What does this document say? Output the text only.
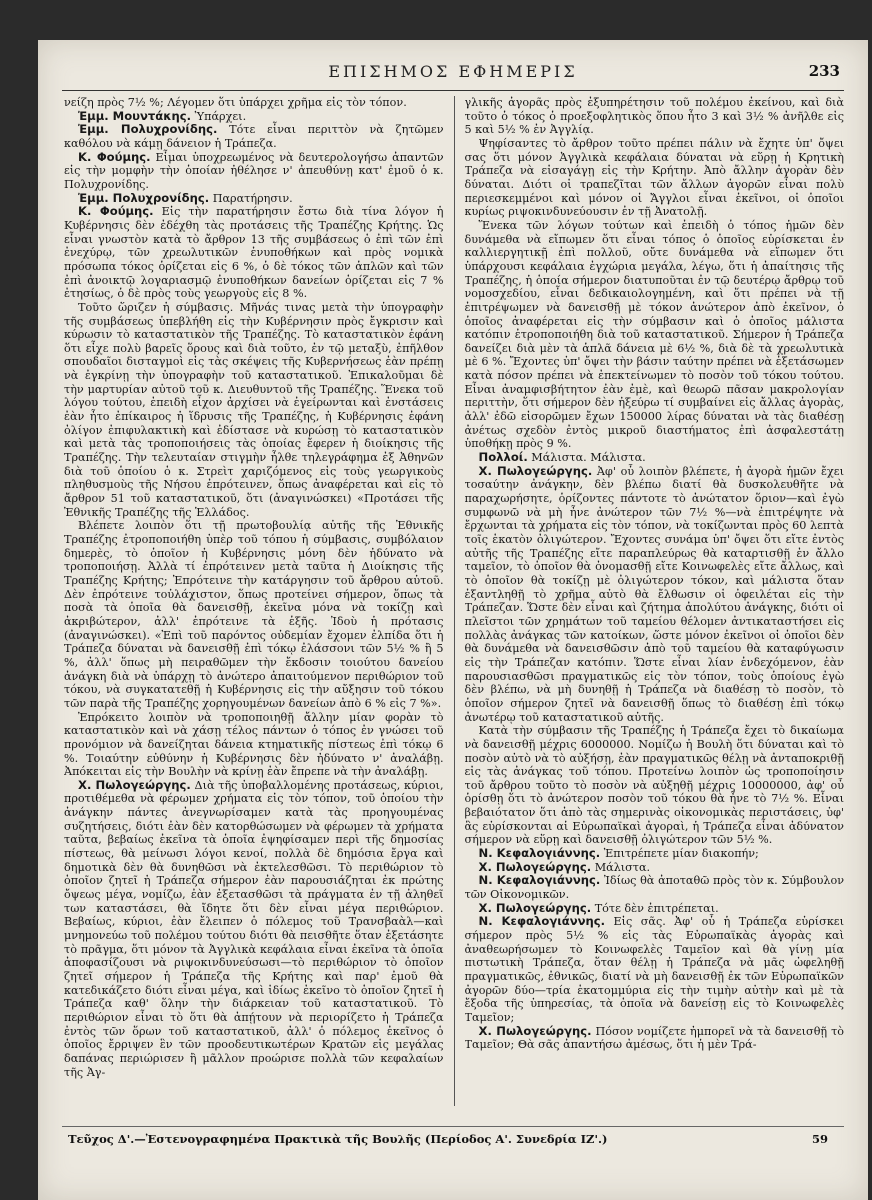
ΕΠΙΣΗΜΟΣ ΕΦΗΜΕΡΙΣ	233

νείζη πρὸς 7½ %; Λέγομεν ὅτι ὑπάρχει χρῆμα εἰς τὸν τόπον.

Ἐμμ. Μουντάκης. Ὑπάρχει.

Ἐμμ. Πολυχρονίδης. Τότε εἶναι περιττὸν νὰ ζητῶμεν καθόλου νὰ κάμῃ δάνειον ἡ Τράπεζα.

Κ. Φούμης. Εἶμαι ὑποχρεωμένος νὰ δευτερολογήσω ἀπαντῶν εἰς τὴν μομφὴν τὴν ὁποίαν ἠθέλησε ν' ἀπευθύνῃ κατ' ἐμοῦ ὁ κ. Πολυχρονίδης.

Ἐμμ. Πολυχρονίδης. Παρατήρησιν.

Κ. Φούμης. Εἰς τὴν παρατήρησιν ἔστω διὰ τίνα λόγον ἡ Κυβέρνησις δὲν ἐδέχθη τὰς προτάσεις τῆς Τραπέζης Κρήτης. Ὡς εἶναι γνωστὸν κατὰ τὸ ἄρθρον 13 τῆς συμβάσεως ὁ ἐπὶ τῶν ἐπὶ ἐνεχύρῳ, τῶν χρεωλυτικῶν ἐνυποθήκων καὶ πρὸς νομικὰ πρόσωπα τόκος ὁρίζεται εἰς 6 %, ὁ δὲ τόκος τῶν ἁπλῶν καὶ τῶν ἐπὶ ἀνοικτῷ λογαριασμῷ ἐνυποθήκων δανείων ὁρίζεται εἰς 7 % ἐτησίως, ὁ δὲ πρὸς τοὺς γεωργοὺς εἰς 8 %.

Τοῦτο ὥριζεν ἡ σύμβασις. Μῆνάς τινας μετὰ τὴν ὑπογραφὴν τῆς συμβάσεως ὑπεβλήθη εἰς τὴν Κυβέρνησιν πρὸς ἔγκρισιν καὶ κύρωσιν τὸ καταστατικὸν τῆς Τραπέζης. Τὸ καταστατικὸν ἐφάνη ὅτι εἶχε πολὺ βαρεῖς ὅρους καὶ διὰ τοῦτο, ἐν τῷ μεταξὺ, ἐπῆλθον σπουδαῖοι δισταγμοὶ εἰς τὰς σκέψεις τῆς Κυβερνήσεως ἐὰν πρέπῃ νὰ ἐγκρίνῃ τὴν ὑπογραφὴν τοῦ καταστατικοῦ. Ἐπικαλοῦμαι δὲ τὴν μαρτυρίαν αὐτοῦ τοῦ κ. Διευθυντοῦ τῆς Τραπέζης. Ἕνεκα τοῦ λόγου τούτου, ἐπειδὴ εἶχον ἀρχίσει νὰ ἐγείρωνται καὶ ἐνστάσεις ἐὰν ἦτο ἐπίκαιρος ἡ ἵδρυσις τῆς Τραπέζης, ἡ Κυβέρνησις ἐφάνη ὀλίγον ἐπιφυλακτικὴ καὶ ἐδίστασε νὰ κυρώσῃ τὸ καταστατικὸν καὶ μετὰ τὰς τροποποιήσεις τὰς ὁποίας ἔφερεν ἡ διοίκησις τῆς Τραπέζης. Τὴν τελευταίαν στιγμὴν ἦλθε τηλεγράφημα ἐξ Ἀθηνῶν διὰ τοῦ ὁποίου ὁ κ. Στρεὶτ χαριζόμενος εἰς τοὺς γεωργικοὺς πληθυσμοὺς τῆς Νήσου ἐπρότεινεν, ὅπως ἀναφέρεται καὶ εἰς τὸ ἄρθρον 51 τοῦ καταστατικοῦ, ὅτι (ἀναγινώσκει) «Προτάσει τῆς Ἐθνικῆς Τραπέζης τῆς Ἑλλάδος.

Βλέπετε λοιπὸν ὅτι τῇ πρωτοβουλίᾳ αὐτῆς τῆς Ἐθνικῆς Τραπέζης ἐτροποποιήθη ὑπὲρ τοῦ τόπου ἡ σύμβασις, συμβόλαιον δημερὲς, τὸ ὁποῖον ἡ Κυβέρνησις μόνη δὲν ἠδύνατο νὰ τροποποιήσῃ. Ἀλλὰ τί ἐπρότεινεν μετὰ ταῦτα ἡ Διοίκησις τῆς Τραπέζης Κρήτης; Ἐπρότεινε τὴν κατάργησιν τοῦ ἄρθρου αὐτοῦ. Δὲν ἐπρότεινε τοὐλάχιστον, ὅπως προτείνει σήμερον, ὅπως τὰ ποσὰ τὰ ὁποῖα θὰ δανεισθῇ, ἐκεῖνα μόνα νὰ τοκίζῃ καὶ ἀκριβώτερον, ἀλλ' ἐπρότεινε τὰ ἑξῆς. Ἰδοὺ ἡ πρότασις (ἀναγινώσκει). «Ἐπὶ τοῦ παρόντος οὐδεμίαν ἔχομεν ἐλπίδα ὅτι ἡ Τράπεζα δύναται νὰ δανεισθῇ ἐπὶ τόκῳ ἐλάσσονι τῶν 5½ % ἢ 5 %, ἀλλ' ὅπως μὴ πειραθῶμεν τὴν ἔκδοσιν τοιούτου δανείου ἀνάγκη διὰ νὰ ὑπάρχῃ τὸ ἀνώτερο ἀπαιτούμενον περιθώριον τοῦ τόκου, νὰ συγκατατεθῇ ἡ Κυβέρνησις εἰς τὴν αὔξησιν τοῦ τόκου τῶν παρὰ τῆς Τραπέζης χορηγουμένων δανείων ἀπὸ 6 % εἰς 7 %».

Ἐπρόκειτο λοιπὸν νὰ τροποποιηθῇ ἄλλην μίαν φορὰν τὸ καταστατικὸν καὶ νὰ χάσῃ τέλος πάντων ὁ τόπος ἐν γνώσει τοῦ προνόμιον νὰ δανείζηται δάνεια κτηματικῆς πίστεως ἐπὶ τόκῳ 6 %. Τοιαύτην εὐθύνην ἡ Κυβέρνησις δὲν ἠδύνατο ν' ἀναλάβῃ. Ἀπόκειται εἰς τὴν Βουλὴν νὰ κρίνῃ ἐὰν ἔπρεπε νὰ τὴν ἀναλάβῃ.

Χ. Πωλογεώργης. Διὰ τῆς ὑποβαλλομένης προτάσεως, κύριοι, προτιθέμεθα νὰ φέρωμεν χρήματα εἰς τὸν τόπον, τοῦ ὁποίου τὴν ἀνάγκην πάντες ἀνεγνωρίσαμεν κατὰ τὰς προηγουμένας συζητήσεις, διότι ἐὰν δὲν κατορθώσωμεν νὰ φέρωμεν τὰ χρήματα ταῦτα, βεβαίως ἐκεῖνα τὰ ὁποῖα ἐψηφίσαμεν περὶ τῆς δημοσίας πίστεως, θὰ μείνωσι λόγοι κενοί, πολλὰ δὲ δημόσια ἔργα καὶ δημοτικὰ δὲν θὰ δυνηθῶσι νὰ ἐκτελεσθῶσι. Τὸ περιθώριον τὸ ὁποῖον ζητεῖ ἡ Τράπεζα σήμερον ἐὰν παρουσιάζηται ἐκ πρώτης ὄψεως μέγα, νομίζω, ἐὰν ἐξετασθῶσι τὰ πράγματα ἐν τῇ ἀληθεῖ των καταστάσει, θὰ ἴδητε ὅτι δὲν εἶναι μέγα περιθώριον. Βεβαίως, κύριοι, ἐὰν ἔλειπεν ὁ πόλεμος τοῦ Τρανσβαὰλ—καὶ μνημονεύω τοῦ πολέμου τούτου διότι θὰ πεισθῆτε ὅταν ἐξετάσητε τὸ πρᾶγμα, ὅτι μόνον τὰ Ἀγγλικὰ κεφάλαια εἶναι ἐκεῖνα τὰ ὁποῖα ἀποφασίζουσι νὰ ριψοκινδυνεύσωσι—τὸ περιθώριον τὸ ὁποῖον ζητεῖ σήμερον ἡ Τράπεζα τῆς Κρήτης καὶ παρ' ἐμοῦ θὰ κατεδικάζετο διότι εἶναι μέγα, καὶ ἰδίως ἐκεῖνο τὸ ὁποῖον ζητεῖ ἡ Τράπεζα καθ' ὅλην τὴν διάρκειαν τοῦ καταστατικοῦ. Τὸ περιθώριον εἶναι τὸ ὅτι θὰ ἀπῄτουν νὰ περιορίζετο ἡ Τράπεζα ἐντὸς τῶν ὅρων τοῦ καταστατικοῦ, ἀλλ' ὁ πόλεμος ἐκεῖνος ὁ ὁποῖος ἔρριψεν ἓν τῶν προοδευτικωτέρων Κρατῶν εἰς μεγάλας δαπάνας περιώρισεν ἢ μᾶλλον προώρισε πολλὰ τῶν κεφαλαίων τῆς Ἀγ-

γλικῆς ἀγορᾶς πρὸς ἐξυπηρέτησιν τοῦ πολέμου ἐκείνου, καὶ διὰ τοῦτο ὁ τόκος ὁ προεξοφλητικὸς ὅπου ἦτο 3 καὶ 3½ % ἀνῆλθε εἰς 5 καὶ 5½ % ἐν Ἀγγλίᾳ.

Ψηφίσαντες τὸ ἄρθρον τοῦτο πρέπει πάλιν νὰ ἔχητε ὑπ' ὄψει σας ὅτι μόνον Ἀγγλικὰ κεφάλαια δύναται νὰ εὕρῃ ἡ Κρητικὴ Τράπεζα νὰ εἰσαγάγῃ εἰς τὴν Κρήτην. Ἀπὸ ἄλλην ἀγορὰν δὲν δύναται. Διότι οἱ τραπεζῖται τῶν ἄλλων ἀγορῶν εἶναι πολὺ περιεσκεμμένοι καὶ μόνον οἱ Ἄγγλοι εἶναι ἐκεῖνοι, οἱ ὁποῖοι κυρίως ριψοκινδυνεύουσιν ἐν τῇ Ἀνατολῇ.

Ἕνεκα τῶν λόγων τούτων καὶ ἐπειδὴ ὁ τόπος ἡμῶν δὲν δυνάμεθα νὰ εἴπωμεν ὅτι εἶναι τόπος ὁ ὁποῖος εὑρίσκεται ἐν καλλιεργητικῇ ἐπὶ πολλοῦ, οὔτε δυνάμεθα νὰ εἴπωμεν ὅτι ὑπάρχουσι κεφάλαια ἐγχώρια μεγάλα, λέγω, ὅτι ἡ ἀπαίτησις τῆς Τραπέζης, ἡ ὁποία σήμερον διατυποῦται ἐν τῷ δευτέρῳ ἄρθρῳ τοῦ νομοσχεδίου, εἶναι δεδικαιολογημένη, καὶ ὅτι πρέπει νὰ τῇ ἐπιτρέψωμεν νὰ δανεισθῇ μὲ τόκον ἀνώτερον ἀπὸ ἐκεῖνον, ὁ ὁποῖος ἀναφέρεται εἰς τὴν σύμβασιν καὶ ὁ ὁποῖος μάλιστα κατόπιν ἐτροποποιήθη διὰ τοῦ καταστατικοῦ. Σήμερον ἡ Τράπεζα δανείζει διὰ μὲν τὰ ἁπλᾶ δάνεια μὲ 6½ %, διὰ δὲ τὰ χρεωλυτικὰ μὲ 6 %. Ἔχοντες ὑπ' ὄψει τὴν βάσιν ταύτην πρέπει νὰ ἐξετάσωμεν κατὰ πόσον πρέπει νὰ ἐπεκτείνωμεν τὸ ποσὸν τοῦ τόκου τούτου. Εἶναι ἀναμφισβήτητον ἐὰν ἐμὲ, καὶ θεωρῶ πᾶσαν μακρολογίαν περιττὴν, ὅτι σήμερον δὲν ἠξεύρω τί συμβαίνει εἰς ἄλλας ἀγορὰς, ἀλλ' ἐδῶ εἰσορῶμεν ἔχων 150000 λίρας δύναται νὰ τὰς διαθέσῃ ἀνέτως σχεδὸν ἐντὸς μικροῦ διαστήματος ἐπὶ ἀσφαλεστάτῃ ὑποθήκῃ πρὸς 9 %.

Πολλοί. Μάλιστα. Μάλιστα.

Χ. Πωλογεώργης. Ἀφ' οὗ λοιπὸν βλέπετε, ἡ ἀγορὰ ἡμῶν ἔχει τοσαύτην ἀνάγκην, δὲν βλέπω διατί θὰ δυσκολευθῆτε νὰ παραχωρήσητε, ὁρίζοντες πάντοτε τὸ ἀνώτατον ὅριον—καὶ ἐγὼ συμφωνῶ νὰ μὴ ἦνε ἀνώτερον τῶν 7½ %—νὰ ἐπιτρέψητε νὰ ἔρχωνται τὰ χρήματα εἰς τὸν τόπον, νὰ τοκίζωνται πρὸς 60 λεπτὰ τοῖς ἑκατὸν ὀλιγώτερον. Ἔχοντες συνάμα ὑπ' ὄψει ὅτι εἴτε ἐντὸς αὐτῆς τῆς Τραπέζης εἴτε παραπλεύρως θὰ καταρτισθῇ ἐν ἄλλο ταμεῖον, τὸ ὁποῖον θὰ ὀνομασθῇ εἴτε Κοινωφελὲς εἴτε ἄλλως, καὶ τὸ ὁποῖον θὰ τοκίζῃ μὲ ὀλιγώτερον τόκον, καὶ μάλιστα ὅταν ἐξαντληθῇ τὸ χρῆμα αὐτὸ θὰ ἔλθωσιν οἱ ὀφειλέται εἰς τὴν Τράπεζαν. Ὥστε δὲν εἶναι καὶ ζήτημα ἀπολύτου ἀνάγκης, διότι οἱ πλεῖστοι τῶν χρημάτων τοῦ ταμείου θέλομεν ἀντικαταστήσει εἰς πολλὰς ἀνάγκας τῶν κατοίκων, ὥστε μόνον ἐκεῖνοι οἱ ὁποῖοι δὲν θὰ δυνάμεθα νὰ δανεισθῶσιν ἀπὸ τοῦ ταμείου θὰ καταφύγωσιν εἰς τὴν Τράπεζαν κατόπιν. Ὥστε εἶναι λίαν ἐνδεχόμενον, ἐὰν παρουσιασθῶσι πραγματικῶς εἰς τὸν τόπον, τοὺς ὁποίους ἐγὼ δὲν βλέπω, νὰ μὴ δυνηθῇ ἡ Τράπεζα νὰ διαθέσῃ τὸ ποσὸν, τὸ ὁποῖον σήμερον ζητεῖ νὰ δανεισθῇ ὅπως τὸ διαθέσῃ ἐπὶ τόκῳ ἀνωτέρῳ τοῦ καταστατικοῦ αὐτῆς.

Κατὰ τὴν σύμβασιν τῆς Τραπέζης ἡ Τράπεζα ἔχει τὸ δικαίωμα νὰ δανεισθῇ μέχρις 6000000. Νομίζω ἡ Βουλὴ ὅτι δύναται καὶ τὸ ποσὸν αὐτὸ νὰ τὸ αὐξήσῃ, ἐὰν πραγματικῶς θέλῃ νὰ ἀνταποκριθῇ εἰς τὰς ἀνάγκας τοῦ τόπου. Προτείνω λοιπὸν ὡς τροποποίησιν τοῦ ἄρθρου τοῦτο τὸ ποσὸν νὰ αὐξηθῇ μέχρις 10000000, ἀφ' οὗ ὁρίσθῃ ὅτι τὸ ἀνώτερον ποσὸν τοῦ τόκου θὰ ἦνε τὸ 7½ %. Εἶναι βεβαιότατον ὅτι ἀπὸ τὰς σημερινὰς οἰκονομικὰς περιστάσεις, ὑφ' ἃς εὑρίσκονται αἱ Εὐρωπαϊκαὶ ἀγοραὶ, ἡ Τράπεζα εἶναι ἀδύνατον σήμερον νὰ εὕρῃ καὶ δανεισθῇ ὀλιγώτερον τῶν 5½ %.

Ν. Κεφαλογιάννης. Ἐπιτρέπετε μίαν διακοπήν;

Χ. Πωλογεώργης. Μάλιστα.

Ν. Κεφαλογιάννης. Ἰδίως θὰ ἀποταθῶ πρὸς τὸν κ. Σύμβουλον τῶν Οἰκονομικῶν.

Χ. Πωλογεώργης. Τότε δὲν ἐπιτρέπεται.

Ν. Κεφαλογιάννης. Εἰς σᾶς. Ἀφ' οὗ ἡ Τράπεζα εὑρίσκει σήμερον πρὸς 5½ % εἰς τὰς Εὐρωπαϊκὰς ἀγορὰς καὶ ἀναθεωρήσωμεν τὸ Κοινωφελὲς Ταμεῖον καὶ θὰ γίνῃ μία πιστωτικὴ Τράπεζα, ὅταν θέλῃ ἡ Τράπεζα νὰ μᾶς ὠφεληθῇ πραγματικῶς, ἐθνικῶς, διατί νὰ μὴ δανεισθῇ ἐκ τῶν Εὐρωπαϊκῶν ἀγορῶν δύο—τρία ἑκατομμύρια εἰς τὴν τιμὴν αὐτὴν καὶ μὲ τὰ ἔξοδα τῆς ὑπηρεσίας, τὰ ὁποῖα νὰ δανείσῃ εἰς τὸ Κοινωφελὲς Ταμεῖον;

Χ. Πωλογεώργης. Πόσον νομίζετε ἠμπορεῖ νὰ τὰ δανεισθῇ τὸ Ταμεῖον; Θὰ σᾶς ἀπαντήσω ἀμέσως, ὅτι ἡ μὲν Τρά-

Τεῦχος Δ'.—Ἐστενογραφημένα Πρακτικὰ τῆς Βουλῆς (Περίοδος Α'. Συνεδρία ΙΖ'.)	59
